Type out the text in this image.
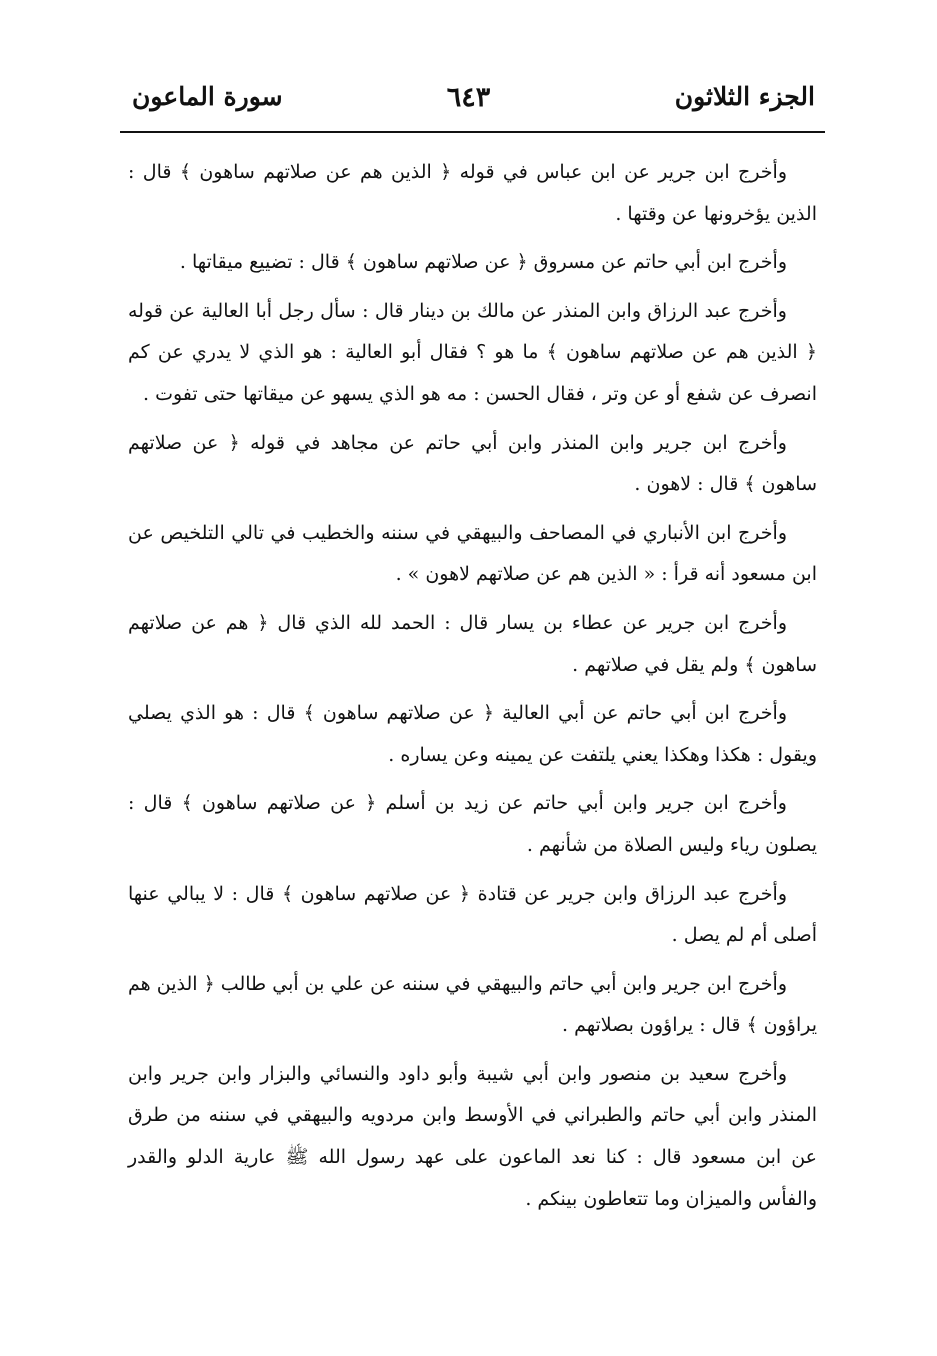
الجزء الثلاثون
٦٤٣
سورة الماعون

وأخرج ابن جرير عن ابن عباس في قوله ﴿ الذين هم عن صلاتهم ساهون ﴾ قال : الذين يؤخرونها عن وقتها .

وأخرج ابن أبي حاتم عن مسروق ﴿ عن صلاتهم ساهون ﴾ قال : تضييع ميقاتها .

وأخرج عبد الرزاق وابن المنذر عن مالك بن دينار قال : سأل رجل أبا العالية عن قوله ﴿ الذين هم عن صلاتهم ساهون ﴾ ما هو ؟ فقال أبو العالية : هو الذي لا يدري عن كم انصرف عن شفع أو عن وتر ، فقال الحسن : مه هو الذي يسهو عن ميقاتها حتى تفوت .

وأخرج ابن جرير وابن المنذر وابن أبي حاتم عن مجاهد في قوله ﴿ عن صلاتهم ساهون ﴾ قال : لاهون .

وأخرج ابن الأنباري في المصاحف والبيهقي في سننه والخطيب في تالي التلخيص عن ابن مسعود أنه قرأ : « الذين هم عن صلاتهم لاهون » .

وأخرج ابن جرير عن عطاء بن يسار قال : الحمد لله الذي قال ﴿ هم عن صلاتهم ساهون ﴾ ولم يقل في صلاتهم .

وأخرج ابن أبي حاتم عن أبي العالية ﴿ عن صلاتهم ساهون ﴾ قال : هو الذي يصلي ويقول : هكذا وهكذا يعني يلتفت عن يمينه وعن يساره .

وأخرج ابن جرير وابن أبي حاتم عن زيد بن أسلم ﴿ عن صلاتهم ساهون ﴾ قال : يصلون رياء وليس الصلاة من شأنهم .

وأخرج عبد الرزاق وابن جرير عن قتادة ﴿ عن صلاتهم ساهون ﴾ قال : لا يبالي عنها أصلى أم لم يصل .

وأخرج ابن جرير وابن أبي حاتم والبيهقي في سننه عن علي بن أبي طالب ﴿ الذين هم يراؤون ﴾ قال : يراؤون بصلاتهم .

وأخرج سعيد بن منصور وابن أبي شيبة وأبو داود والنسائي والبزار وابن جرير وابن المنذر وابن أبي حاتم والطبراني في الأوسط وابن مردويه والبيهقي في سننه من طرق عن ابن مسعود قال : كنا نعد الماعون على عهد رسول الله ﷺ عارية الدلو والقدر والفأس والميزان وما تتعاطون بينكم .
